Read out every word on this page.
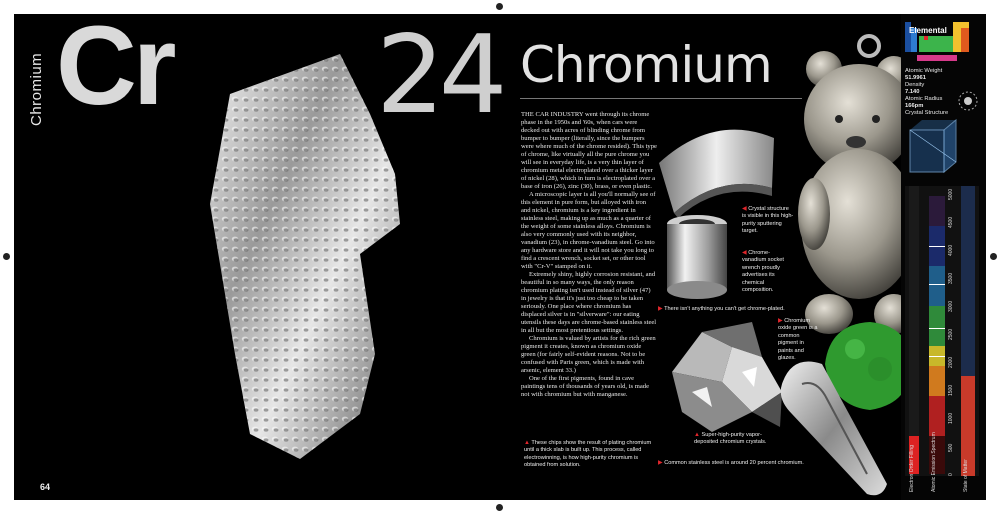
Chromium Cr 24
▲ These chips show the result of plating chromium until a thick slab is built up. This process, called electrowinning, is how high-purity chromium is obtained from solution.
64
Chromium

THE CAR INDUSTRY went through its chrome phase in the 1950s and '60s, when cars were decked out with acres of blinding chrome from bumper to bumper (literally, since the bumpers were where much of the chrome resided). This type of chrome, like virtually all the pure chrome you will see in everyday life, is a very thin layer of chromium metal electroplated over a thicker layer of nickel (28), which in turn is electroplated over a base of iron (26), zinc (30), brass, or even plastic.

A microscopic layer is all you'll normally see of this element in pure form, but alloyed with iron and nickel, chromium is a key ingredient in stainless steel, making up as much as a quarter of the weight of some stainless alloys. Chromium is also very commonly used with its neighbor, vanadium (23), in chrome-vanadium steel. Go into any hardware store and it will not take you long to find a crescent wrench, socket set, or other tool with "Cr-V" stamped on it.

Extremely shiny, highly corrosion resistant, and beautiful in so many ways, the only reason chromium plating isn't used instead of silver (47) in jewelry is that it's just too cheap to be taken seriously. One place where chromium has displaced silver is in "silverware": our eating utensils these days are chrome-based stainless steel in all but the most pretentious settings.

Chromium is valued by artists for the rich green pigment it creates, known as chromium oxide green (for fairly self-evident reasons. Not to be confused with Paris green, which is made with arsenic, element 33.)

One of the first pigments, found in cave paintings tens of thousands of years old, is made not with chromium but with manganese.

◀ Crystal structure is visible in this high-purity sputtering target.
◀ Chrome-vanadium socket wrench proudly advertises its chemical composition.
▶ There isn't anything you can't get chrome-plated.
▶ Chromium oxide green is a common pigment in paints and glazes.
▲ Super-high-purity vapor-deposited chromium crystals.
▶ Common stainless steel is around 20 percent chromium.
Elemental
Atomic Weight
51.9961
Density
7.140
Atomic Radius
166pm
Crystal Structure
Electron Order Filling	Atomic Emission Spectrum	State of Matter
5000
4500
4000
3500
3000
2500
2000
1500
1000
500
0
